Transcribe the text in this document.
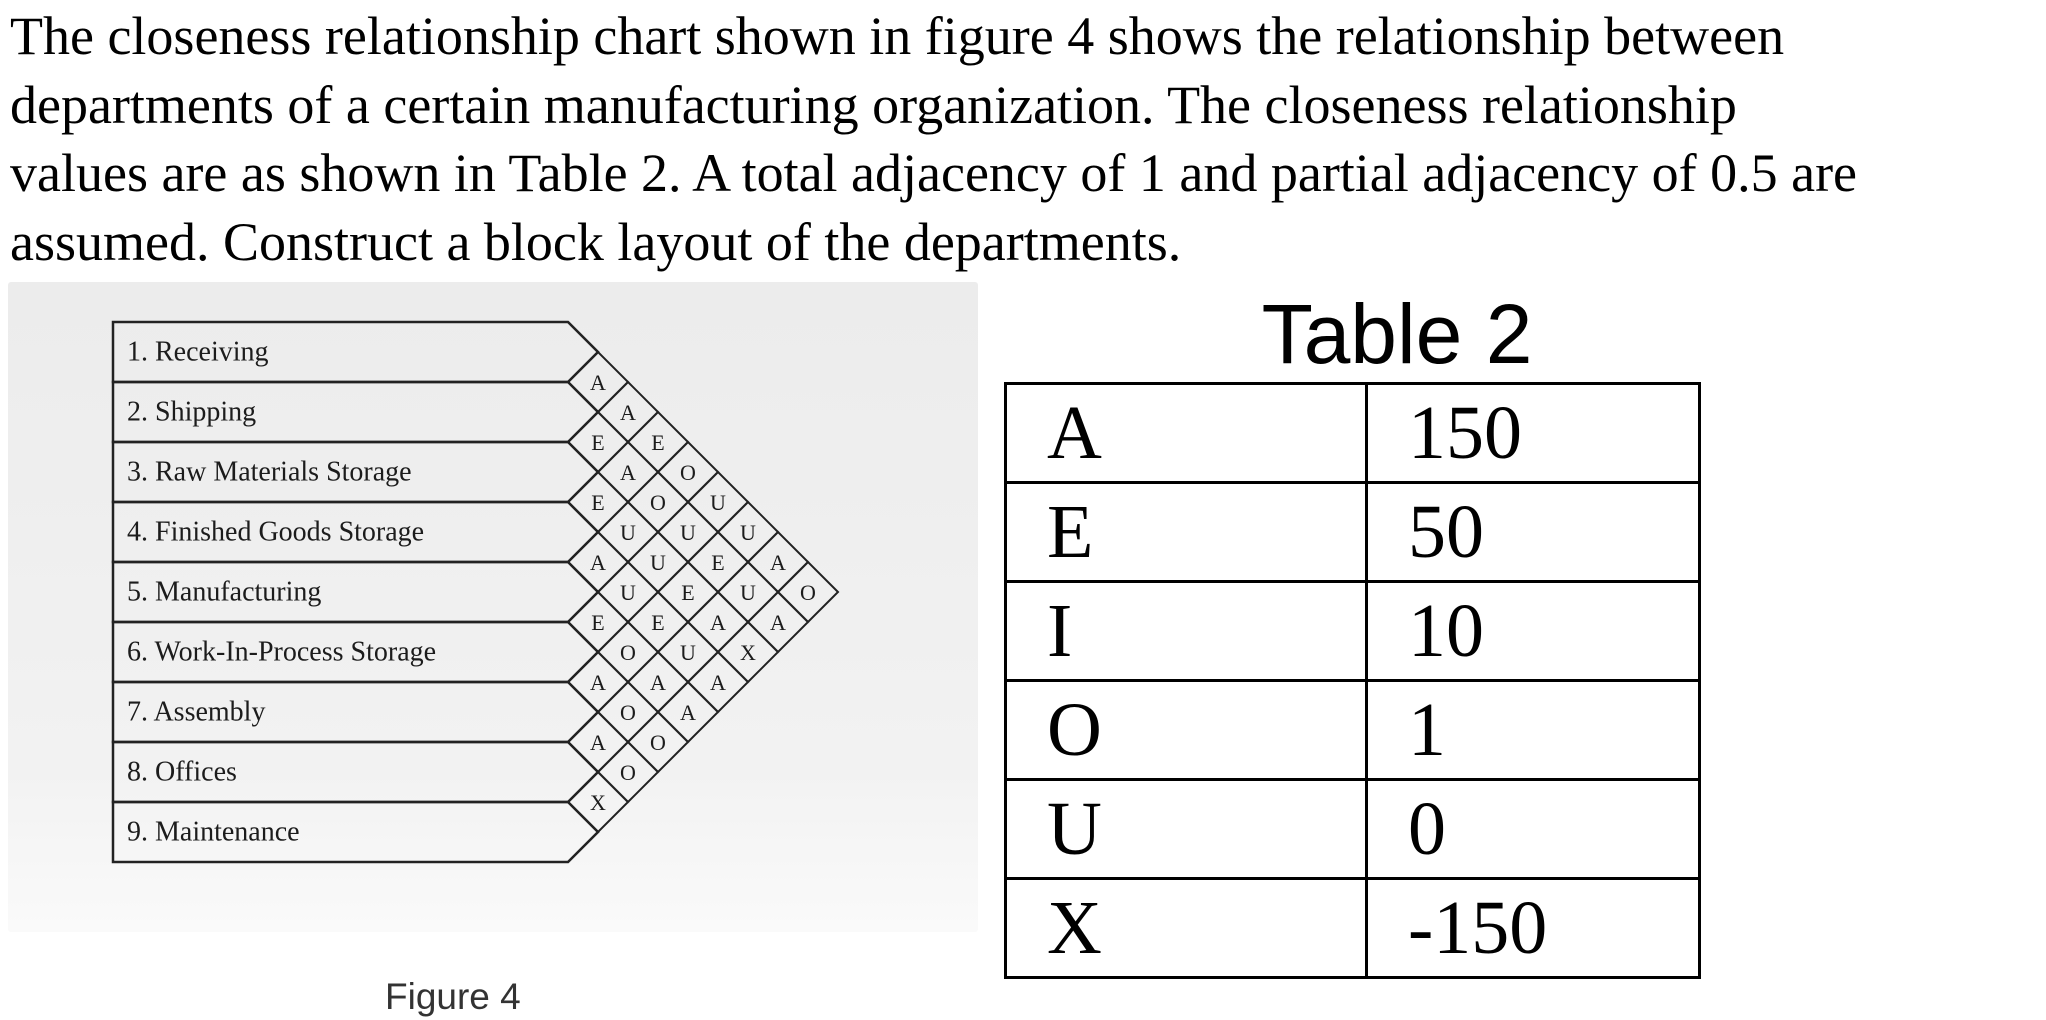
The closeness relationship chart shown in figure 4 shows the relationship between
departments of a certain manufacturing organization. The closeness relationship
values are as shown in Table 2. A total adjacency of 1 and partial adjacency of 0.5 are
assumed. Construct a block layout of the departments.
1. Receiving
2. Shipping
3. Raw Materials Storage
4. Finished Goods Storage
5. Manufacturing
6. Work-In-Process Storage
7. Assembly
8. Offices
9. Maintenance
A
A
E
O
U
U
A
O
E
A
O
U
E
U
E
U
U
E
A
A
U
E
U
E
O
A
A
A
O
O
A
O
X
A
X
A
Figure 4
Table 2
A	150
E	50
I	10
O	1
U	0
X	-150
